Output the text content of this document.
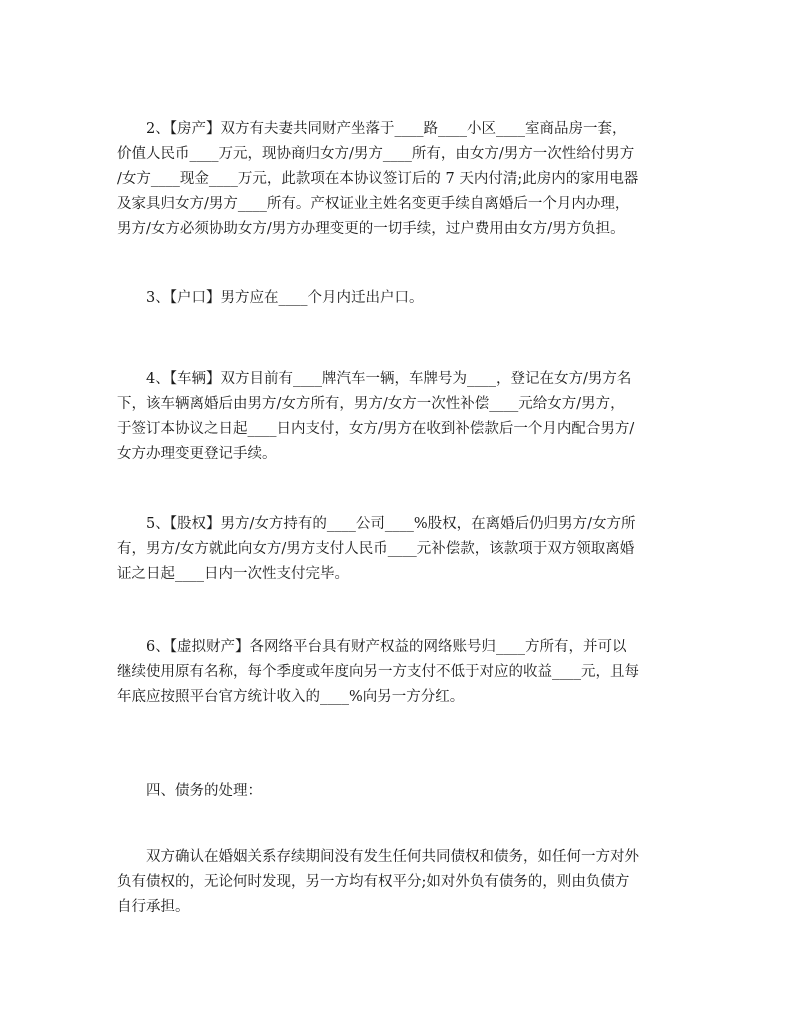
2、【房产】双方有夫妻共同财产坐落于____路____小区____室商品房一套，
价值人民币____万元，现协商归女方/男方____所有，由女方/男方一次性给付男方
/女方____现金____万元，此款项在本协议签订后的 7 天内付清;此房内的家用电器
及家具归女方/男方____所有。产权证业主姓名变更手续自离婚后一个月内办理，
男方/女方必须协助女方/男方办理变更的一切手续，过户费用由女方/男方负担。
3、【户口】男方应在____个月内迁出户口。
4、【车辆】双方目前有____牌汽车一辆，车牌号为____，登记在女方/男方名
下，该车辆离婚后由男方/女方所有，男方/女方一次性补偿____元给女方/男方，
于签订本协议之日起____日内支付，女方/男方在收到补偿款后一个月内配合男方/
女方办理变更登记手续。
5、【股权】男方/女方持有的____公司____%股权，在离婚后仍归男方/女方所
有，男方/女方就此向女方/男方支付人民币____元补偿款，该款项于双方领取离婚
证之日起____日内一次性支付完毕。
6、【虚拟财产】各网络平台具有财产权益的网络账号归____方所有，并可以
继续使用原有名称，每个季度或年度向另一方支付不低于对应的收益____元，且每
年底应按照平台官方统计收入的____%向另一方分红。
四、债务的处理：
双方确认在婚姻关系存续期间没有发生任何共同债权和债务，如任何一方对外
负有债权的，无论何时发现，另一方均有权平分;如对外负有债务的，则由负债方
自行承担。
